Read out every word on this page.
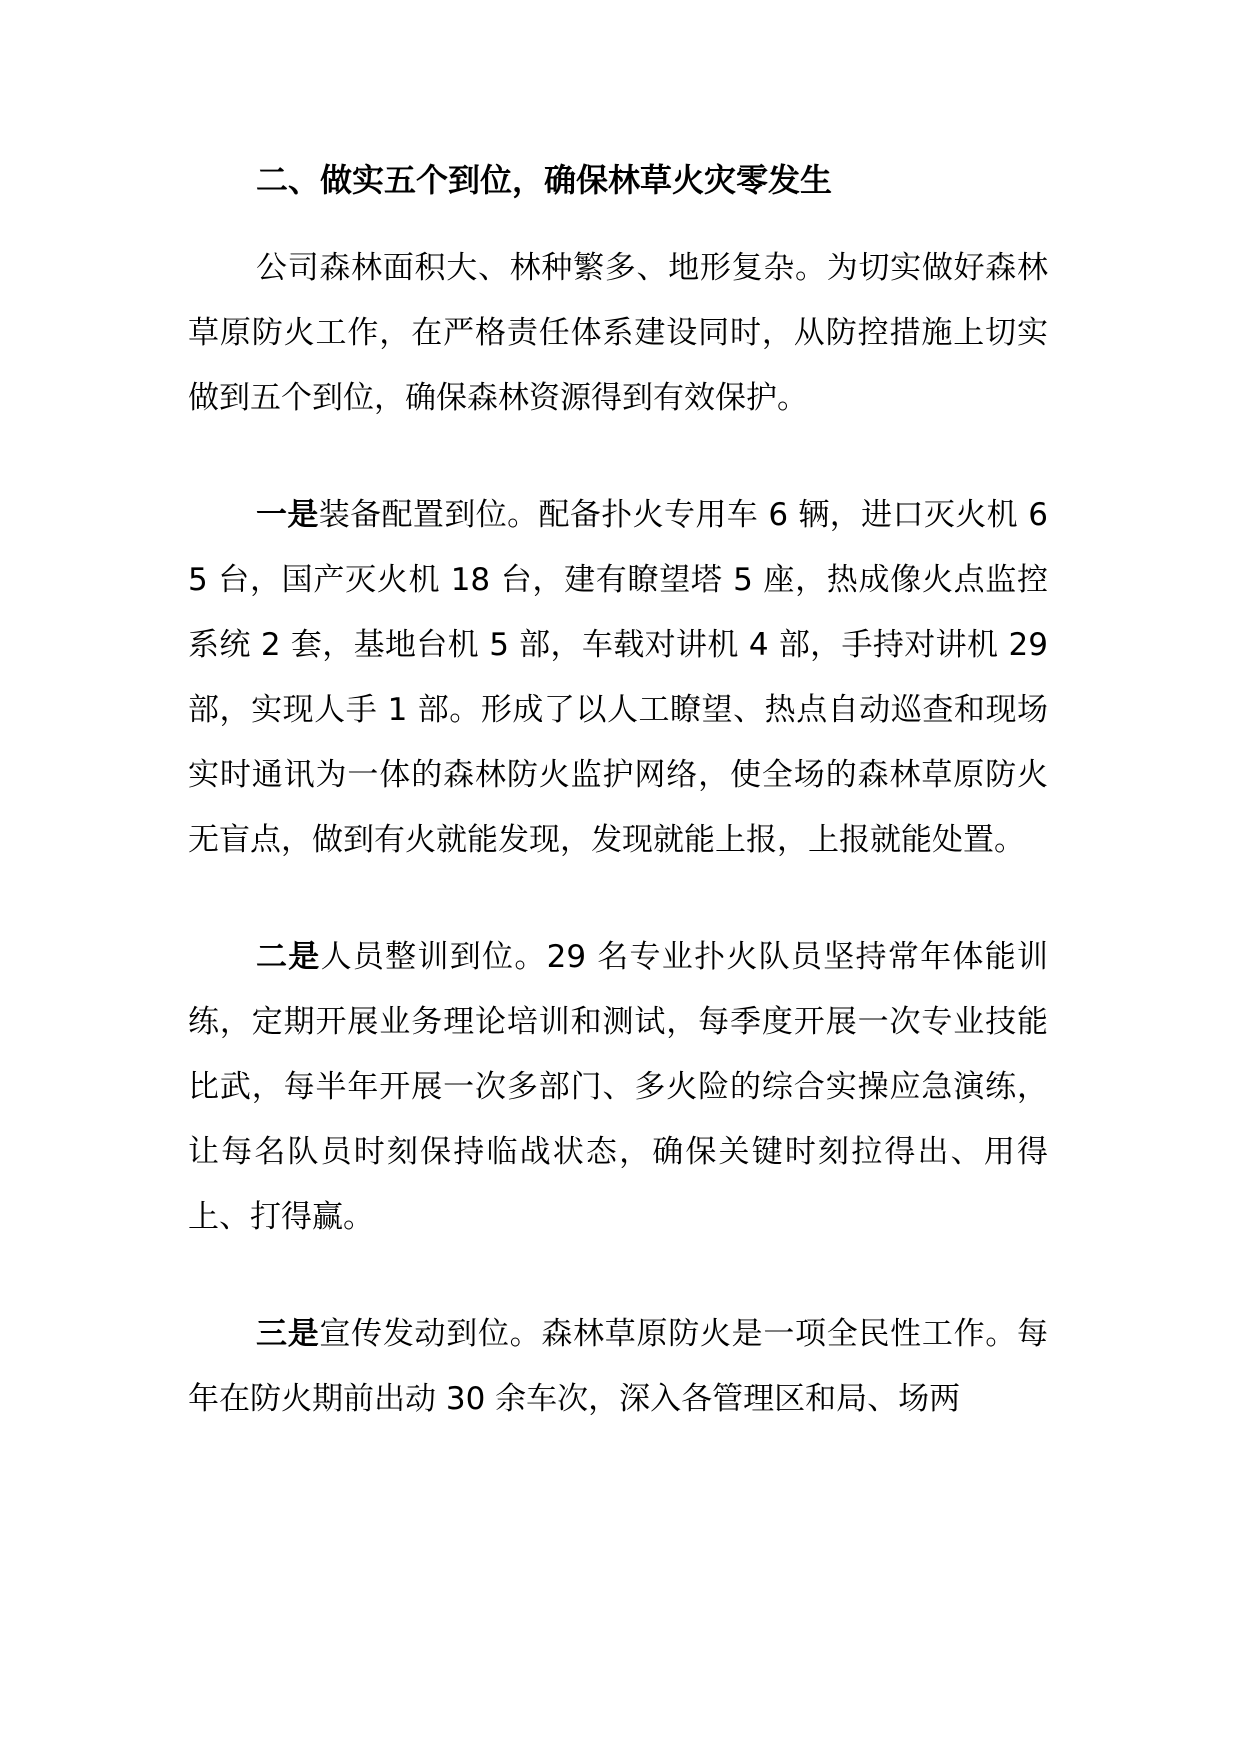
二、做实五个到位，确保林草火灾零发生

公司森林面积大、林种繁多、地形复杂。为切实做好森林草原防火工作，在严格责任体系建设同时，从防控措施上切实做到五个到位，确保森林资源得到有效保护。

一是装备配置到位。配备扑火专用车 6 辆，进口灭火机 65 台，国产灭火机 18 台，建有瞭望塔 5 座，热成像火点监控系统 2 套，基地台机 5 部，车载对讲机 4 部，手持对讲机 29 部，实现人手 1 部。形成了以人工瞭望、热点自动巡查和现场实时通讯为一体的森林防火监护网络，使全场的森林草原防火无盲点，做到有火就能发现，发现就能上报，上报就能处置。

二是人员整训到位。29 名专业扑火队员坚持常年体能训练，定期开展业务理论培训和测试，每季度开展一次专业技能比武，每半年开展一次多部门、多火险的综合实操应急演练，让每名队员时刻保持临战状态，确保关键时刻拉得出、用得上、打得赢。

三是宣传发动到位。森林草原防火是一项全民性工作。每年在防火期前出动 30 余车次，深入各管理区和局、场两
